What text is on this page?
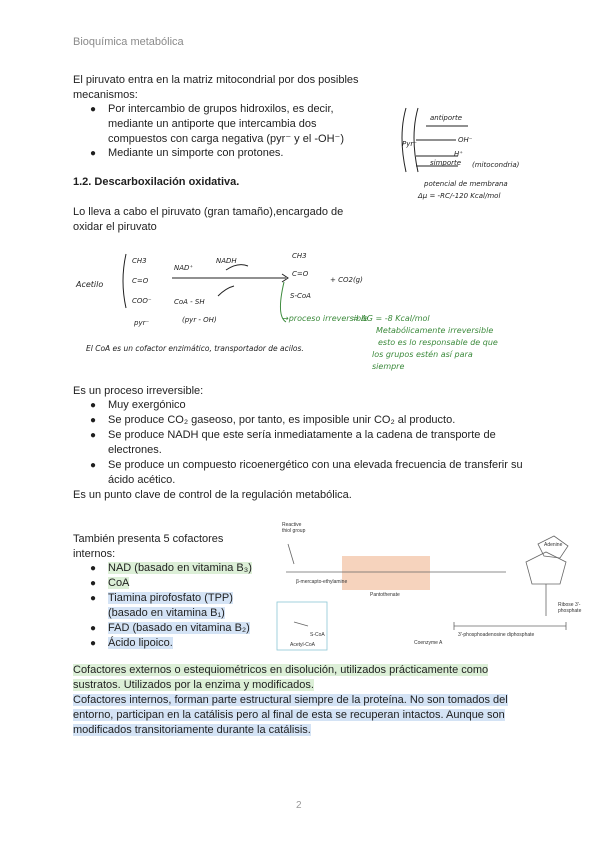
Bioquímica metabólica
El piruvato entra en la matriz mitocondrial por dos posibles
mecanismos:
● Por intercambio de grupos hidroxilos, es decir,
mediante un antiporte que intercambia dos
compuestos con carga negativa (pyr⁻ y el -OH⁻)
● Mediante un simporte con protones.
antiporte
OH⁻
Pyr⁻
H⁺
simporte (mitocondria)
potencial de membrana
Δμ = -RC/-120 Kcal/mol
1.2. Descarboxilación oxidativa.
Lo lleva a cabo el piruvato (gran tamaño),encargado de
oxidar el piruvato
Acetilo
CH3
C=O
COO⁻
NAD⁺
NADH
CoA - SH
pyr⁻	(pyr - OH)
CH3
C=O
S-CoA
+ CO2(g)
→proceso irreversible
⇒ ΔG = -8 Kcal/mol
Metabólicamente irreversible
esto es lo responsable de que
los grupos estén así para
siempre
El CoA es un cofactor enzimático, transportador de acilos.
Es un proceso irreversible:
● Muy exergónico
● Se produce CO₂ gaseoso, por tanto, es imposible unir CO₂ al producto.
● Se produce NADH que este sería inmediatamente a la cadena de transporte de
electrones.
● Se produce un compuesto ricoenergético con una elevada frecuencia de transferir su
ácido acético.
Es un punto clave de control de la regulación metabólica.
También presenta 5 cofactores
internos:
● NAD (basado en vitamina B₃)
● CoA
● Tiamina pirofosfato (TPP)
(basado en vitamina B₁)
● FAD (basado en vitamina B₂)
● Ácido lipoico.
Reactive
thiol group
β-mercapto-ethylamine
Pantothenate
Adenine
Ribose 3'-phosphate
3'-phosphoadenosine diphosphate
Coenzyme A
S-CoA
Acetyl-CoA
Cofactores externos o estequiométricos en disolución, utilizados prácticamente como
sustratos. Utilizados por la enzima y modificados.
Cofactores internos, forman parte estructural siempre de la proteína. No son tomados del
entorno, participan en la catálisis pero al final de esta se recuperan intactos. Aunque son
modificados transitoriamente durante la catálisis.
2
